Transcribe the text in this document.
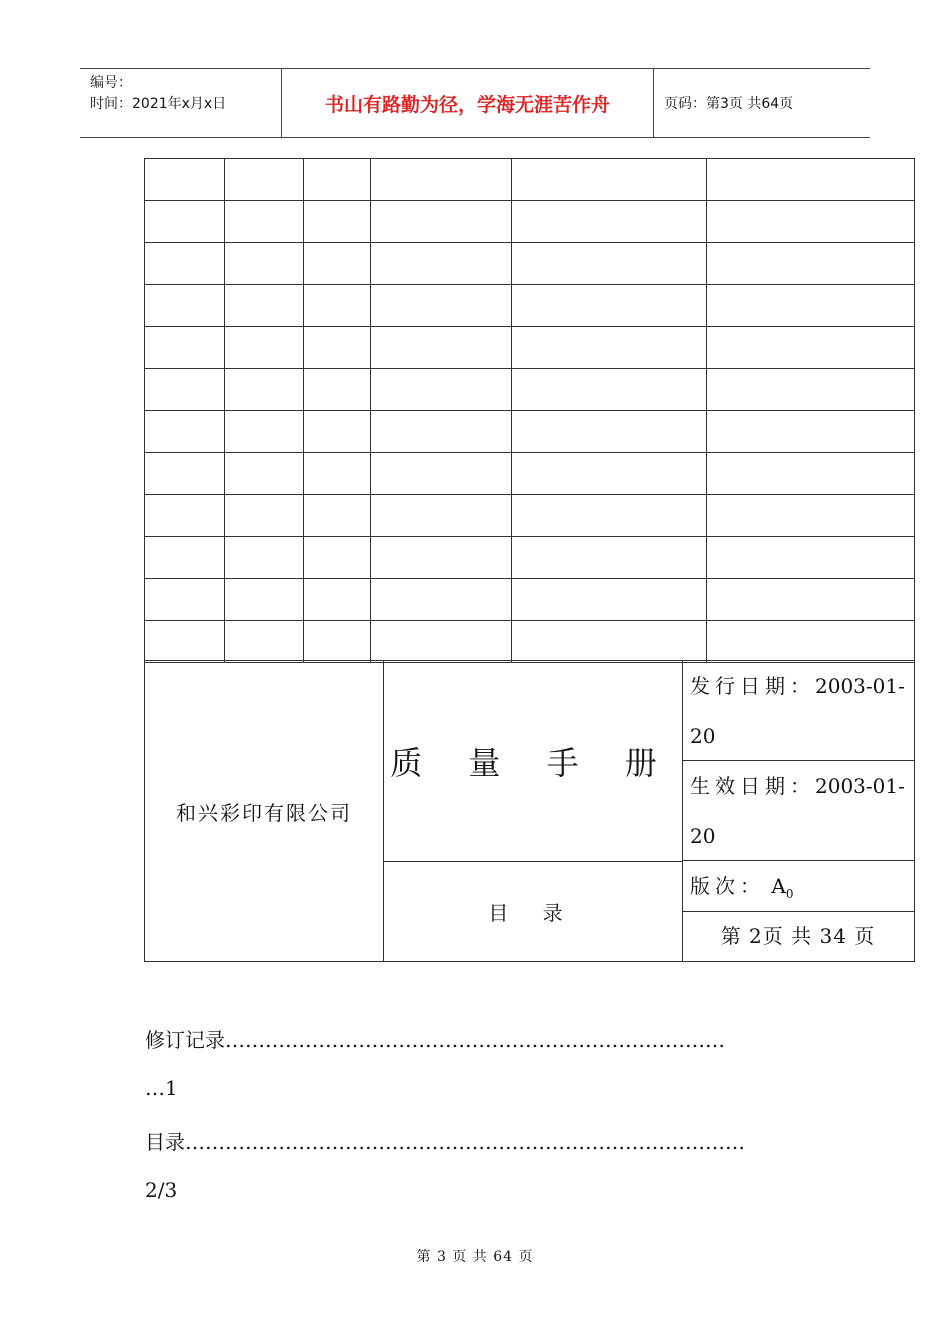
编号：
时间：2021年x月x日	书山有路勤为径，学海无涯苦作舟	页码：第3页 共64页

和兴彩印有限公司
质 量 手 册
目 录
发行日期：2003-01-
20
生效日期：2003-01-
20
版次： $A_0$
第 2页 共 34 页
修订记录…………………………………………………………………
…1
目录…………………………………………………………………………
2/3
第 3 页 共 64 页
